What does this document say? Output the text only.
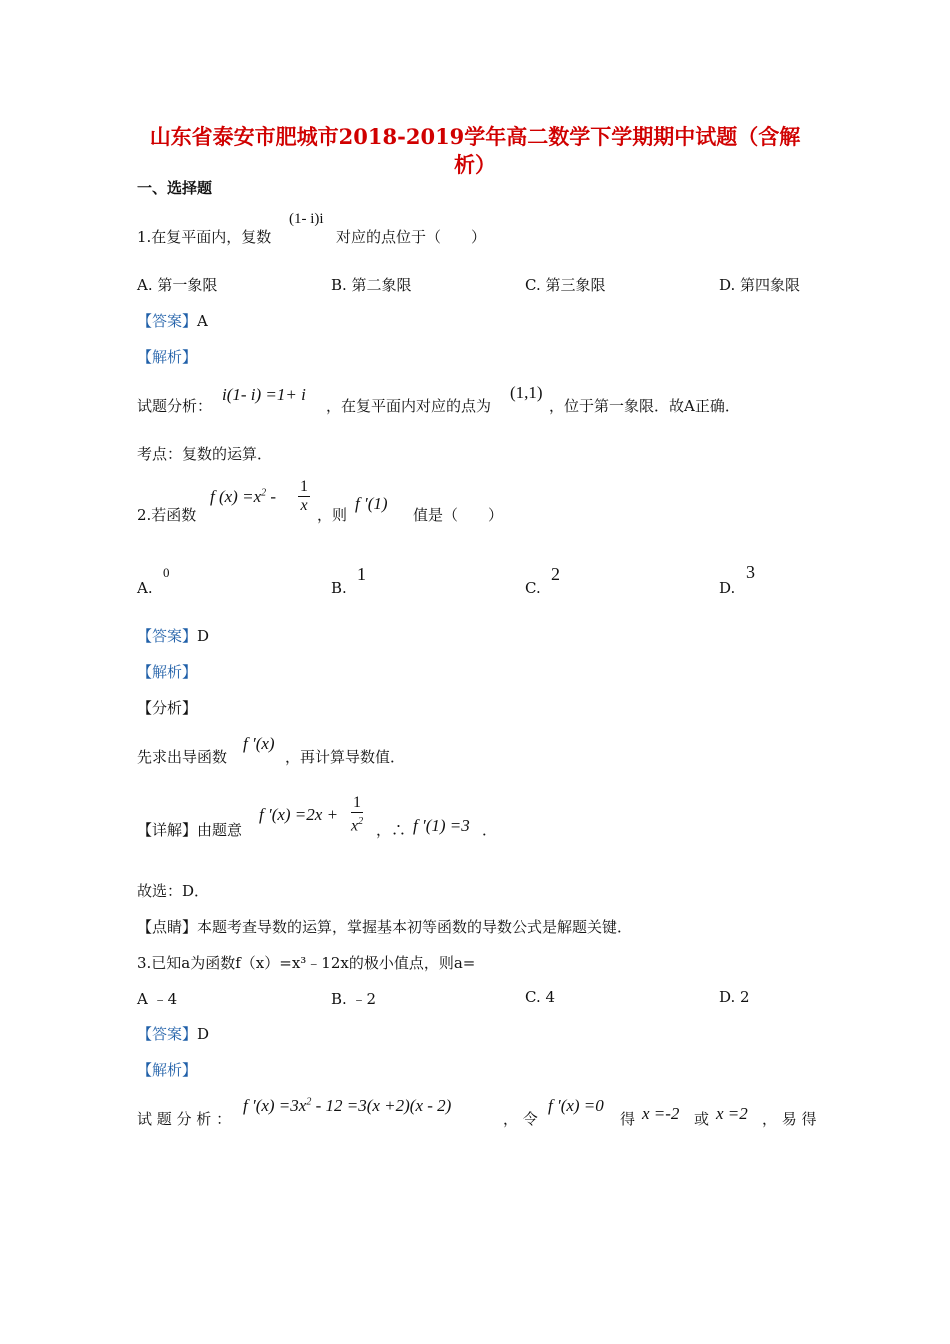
山东省泰安市肥城市2018-2019学年高二数学下学期期中试题（含解
析）
一、选择题
1.在复平面内，复数
(1- i)i
对应的点位于（　　）
A. 第一象限	B. 第二象限	C. 第三象限	D. 第四象限
【答案】A
【解析】
试题分析：
i(1- i) =1+ i
，在复平面内对应的点为
(1,1)
，位于第一象限．故A正确．
考点：复数的运算．
2.若函数
f $(x) =x^2 - \frac{1}{x}$ ，则
f ′(1)
值是（　　）
A.
0
B.
1
C.
2
D.
3
【答案】D
【解析】
【分析】
先求出导函数
f ′(x)
，再计算导数值．
【详解】由题意
f $'(x) =2x + \frac{1}{x^2}$ ，∴ f ′(1) =3 ．
故选：D．
【点睛】本题考查导数的运算，掌握基本初等函数的导数公式是解题关键．
3.已知a为函数f（x）=x³﹣12x的极小值点，则a=
A ﹣4	B. ﹣2	C. 4	D. 2
【答案】D
【解析】
试 题 分 析 ：
f $'(x) =3x^2 - 12 =3(x +2)(x - 2)$
， 令
f ′(x) =0
得 x =-2 或 x =2 ， 易 得
